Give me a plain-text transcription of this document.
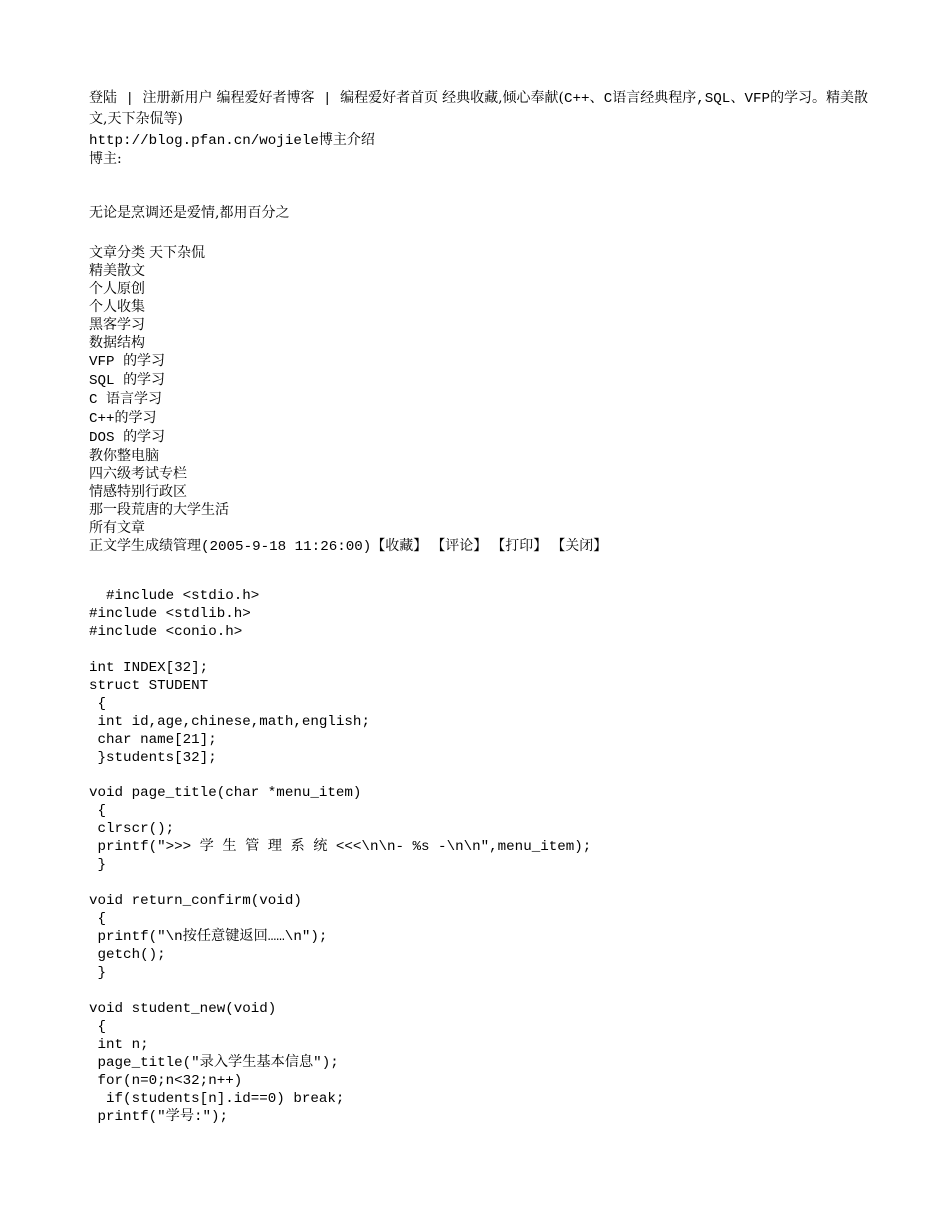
登陆 | 注册新用户 编程爱好者博客 | 编程爱好者首页 经典收藏,倾心奉献(C++、C语言经典程序,SQL、VFP的学习。精美散文,天下杂侃等)
http://blog.pfan.cn/wojiele博主介绍
博主:
无论是烹调还是爱情,都用百分之
文章分类 天下杂侃
精美散文
个人原创
个人收集
黑客学习
数据结构
VFP 的学习
SQL 的学习
C 语言学习
C++的学习
DOS 的学习
教你整电脑
四六级考试专栏
情感特别行政区
那一段荒唐的大学生活
所有文章
正文学生成绩管理(2005-9-18 11:26:00)【收藏】 【评论】 【打印】 【关闭】
#include <stdio.h>
#include <stdlib.h>
#include <conio.h>

int INDEX[32];
struct STUDENT
{
int id,age,chinese,math,english;
char name[21];
}students[32];

void page_title(char *menu_item)
{
clrscr();
printf(">>> 学 生 管 理 系 统 <<<\n\n- %s -\n\n",menu_item);
}

void return_confirm(void)
{
printf("\n按任意键返回……\n");
getch();
}

void student_new(void)
{
int n;
page_title("录入学生基本信息");
for(n=0;n<32;n++)
if(students[n].id==0) break;
printf("学号:");
